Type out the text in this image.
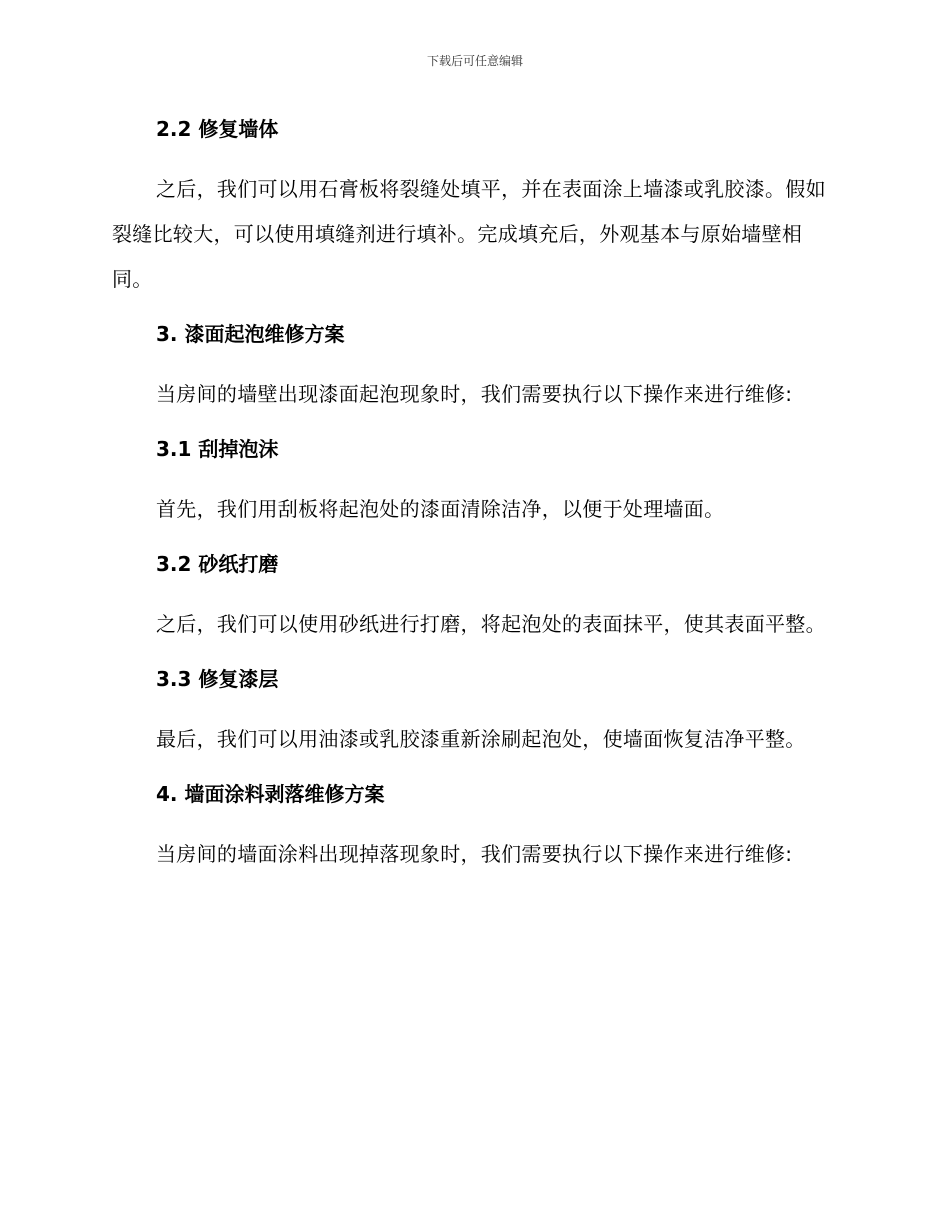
下载后可任意编辑
2.2 修复墙体
之后，我们可以用石膏板将裂缝处填平，并在表面涂上墙漆或乳胶漆。假如裂缝比较大，可以使用填缝剂进行填补。完成填充后，外观基本与原始墙壁相同。
3. 漆面起泡维修方案
当房间的墙壁出现漆面起泡现象时，我们需要执行以下操作来进行维修:
3.1 刮掉泡沫
首先，我们用刮板将起泡处的漆面清除洁净，以便于处理墙面。
3.2 砂纸打磨
之后，我们可以使用砂纸进行打磨，将起泡处的表面抹平，使其表面平整。
3.3 修复漆层
最后，我们可以用油漆或乳胶漆重新涂刷起泡处，使墙面恢复洁净平整。
4. 墙面涂料剥落维修方案
当房间的墙面涂料出现掉落现象时，我们需要执行以下操作来进行维修:
